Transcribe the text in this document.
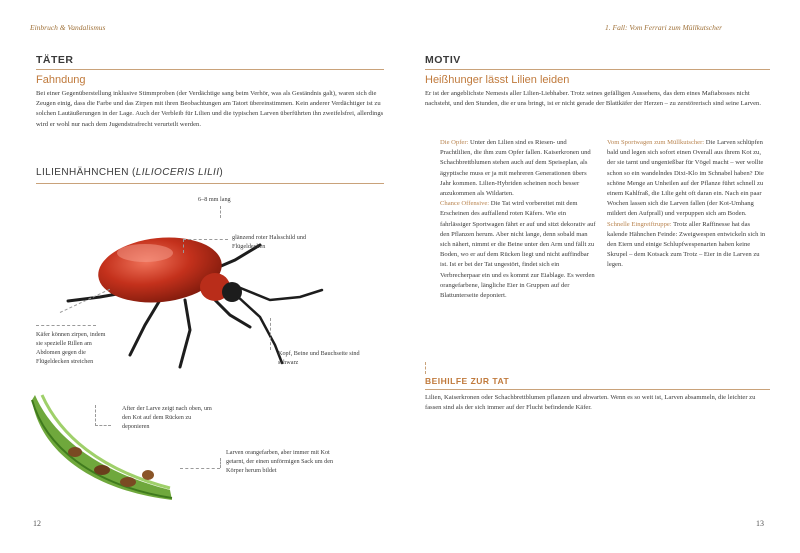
Einbruch & Vandalismus
TÄTER
Fahndung
Bei einer Gegenüberstellung inklusive Stimmproben (der Verdächtige sang beim Verhör, was als Geständnis galt), waren sich die Zeugen einig, dass die Farbe und das Zirpen mit ihren Beobachtungen am Tatort übereinstimmen. Kein anderer Verdächtiger ist zu solchen Lautäußerungen in der Lage. Auch der Verbleib für Lilien und die typischen Larven überführten ihn zweifelsfrei, allerdings wird er wohl nur nach dem Jugendstrafrecht verurteilt werden.
LILIENHÄHNCHEN (LILIOCERIS LILII)
6–8 mm lang
glänzend roter Halsschild und Flügeldecken
Käfer können zirpen, indem sie spezielle Rillen am Abdomen gegen die Flügeldecken streichen
Kopf, Beine und Bauchseite sind schwarz
After der Larve zeigt nach oben, um den Kot auf dem Rücken zu deponieren
Larven orangefarben, aber immer mit Kot getarnt, der einen unförmigen Sack um den Körper herum bildet
12
1. Fall: Vom Ferrari zum Müllkutscher
MOTIV
Heißhunger lässt Lilien leiden
Er ist der angeblichste Nemesis aller Lilien-Liebhaber. Trotz seines gefälligen Aussehens, das dem eines Mafiabosses nicht nachsteht, und den Stunden, die er uns bringt, ist er nicht gerade der Blattkäfer der Herzen – zu zerstörerisch sind seine Larven.
Die Opfer: Unter den Lilien sind es Riesen- und Prachtlilien, die ihm zum Opfer fallen. Kaiserkronen und Schachbrettblumen stehen auch auf dem Speiseplan, als ägyptische muss er ja mit mehreren Generationen übers Jahr kommen. Lilien-Hybriden scheinen noch besser anzukommen als Wildarten.
Chance Offensive: Die Tat wird vorbereitet mit dem Erscheinen des auffallend roten Käfers. Wie ein fahrlässiger Sportwagen fährt er auf und sitzt dekorativ auf den Pflanzen herum. Aber nicht lange, denn sobald man sich nähert, nimmt er die Beine unter den Arm und fällt zu Boden, wo er auf dem Rücken liegt und nicht auffindbar ist. Ist er bei der Tat ungestört, findet sich ein Verbrecherpaar ein und es kommt zur Eiablage. Es werden orangefarbene, längliche Eier in Gruppen auf der Blattunterseite deponiert.
Vom Sportwagen zum Müllkutscher: Die Larven schlüpfen bald und legen sich sofort einen Overall aus ihrem Kot zu, der sie tarnt und ungenießbar für Vögel macht – wer wollte schon so ein wandelndes Dixi-Klo im Schnabel haben? Die schöne Menge an Unheilen auf der Pflanze führt schnell zu einem Kahlfraß, die Lilie geht oft daran ein. Nach ein paar Wochen lassen sich die Larven fallen (der Kot-Umhang mildert den Aufprall) und verpuppen sich am Boden.
Schnelle Eingreiftruppe: Trotz aller Raffinesse hat das kalende Hähnchen Feinde: Zweigwespen entwickeln sich in den Eiern und einige Schlupfwespenarten haben keine Skrupel – dem Kotsack zum Trotz – Eier in die Larven zu legen.
BEIHILFE ZUR TAT
Lilien, Kaiserkronen oder Schachbrettblumen pflanzen und abwarten. Wenn es so weit ist, Larven absammeln, die leichter zu fassen sind als der sich immer auf der Flucht befindende Käfer.
13
